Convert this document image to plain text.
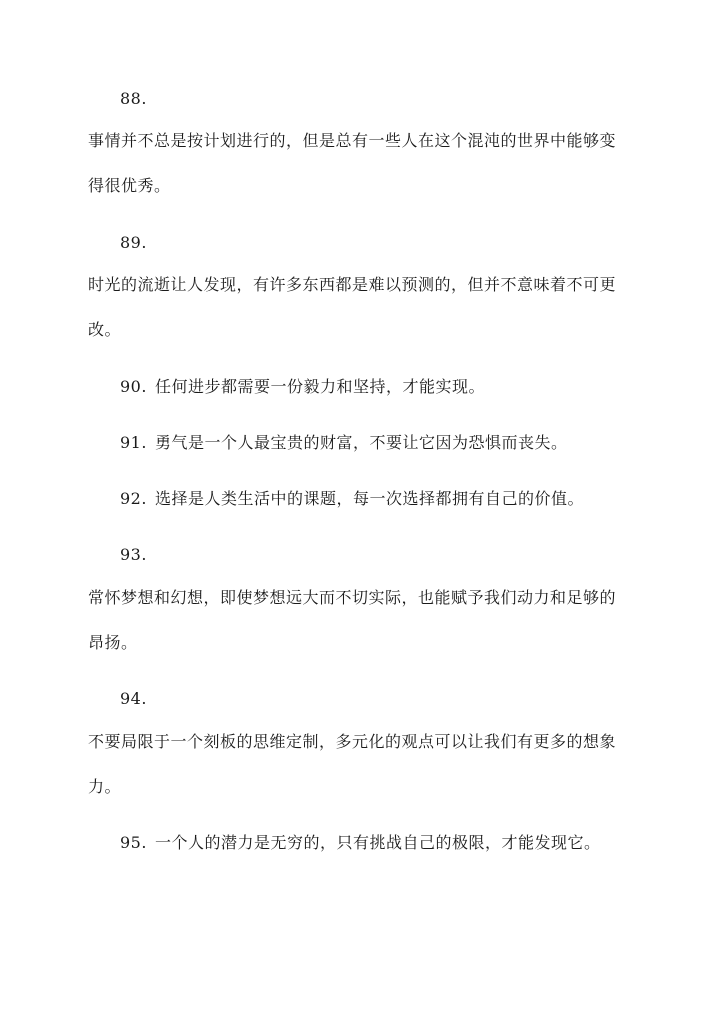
88.
事情并不总是按计划进行的，但是总有一些人在这个混沌的世界中能够变
得很优秀。
89.
时光的流逝让人发现，有许多东西都是难以预测的，但并不意味着不可更
改。
90. 任何进步都需要一份毅力和坚持，才能实现。
91. 勇气是一个人最宝贵的财富，不要让它因为恐惧而丧失。
92. 选择是人类生活中的课题，每一次选择都拥有自己的价值。
93.
常怀梦想和幻想，即使梦想远大而不切实际，也能赋予我们动力和足够的
昂扬。
94.
不要局限于一个刻板的思维定制，多元化的观点可以让我们有更多的想象
力。
95. 一个人的潜力是无穷的，只有挑战自己的极限，才能发现它。
